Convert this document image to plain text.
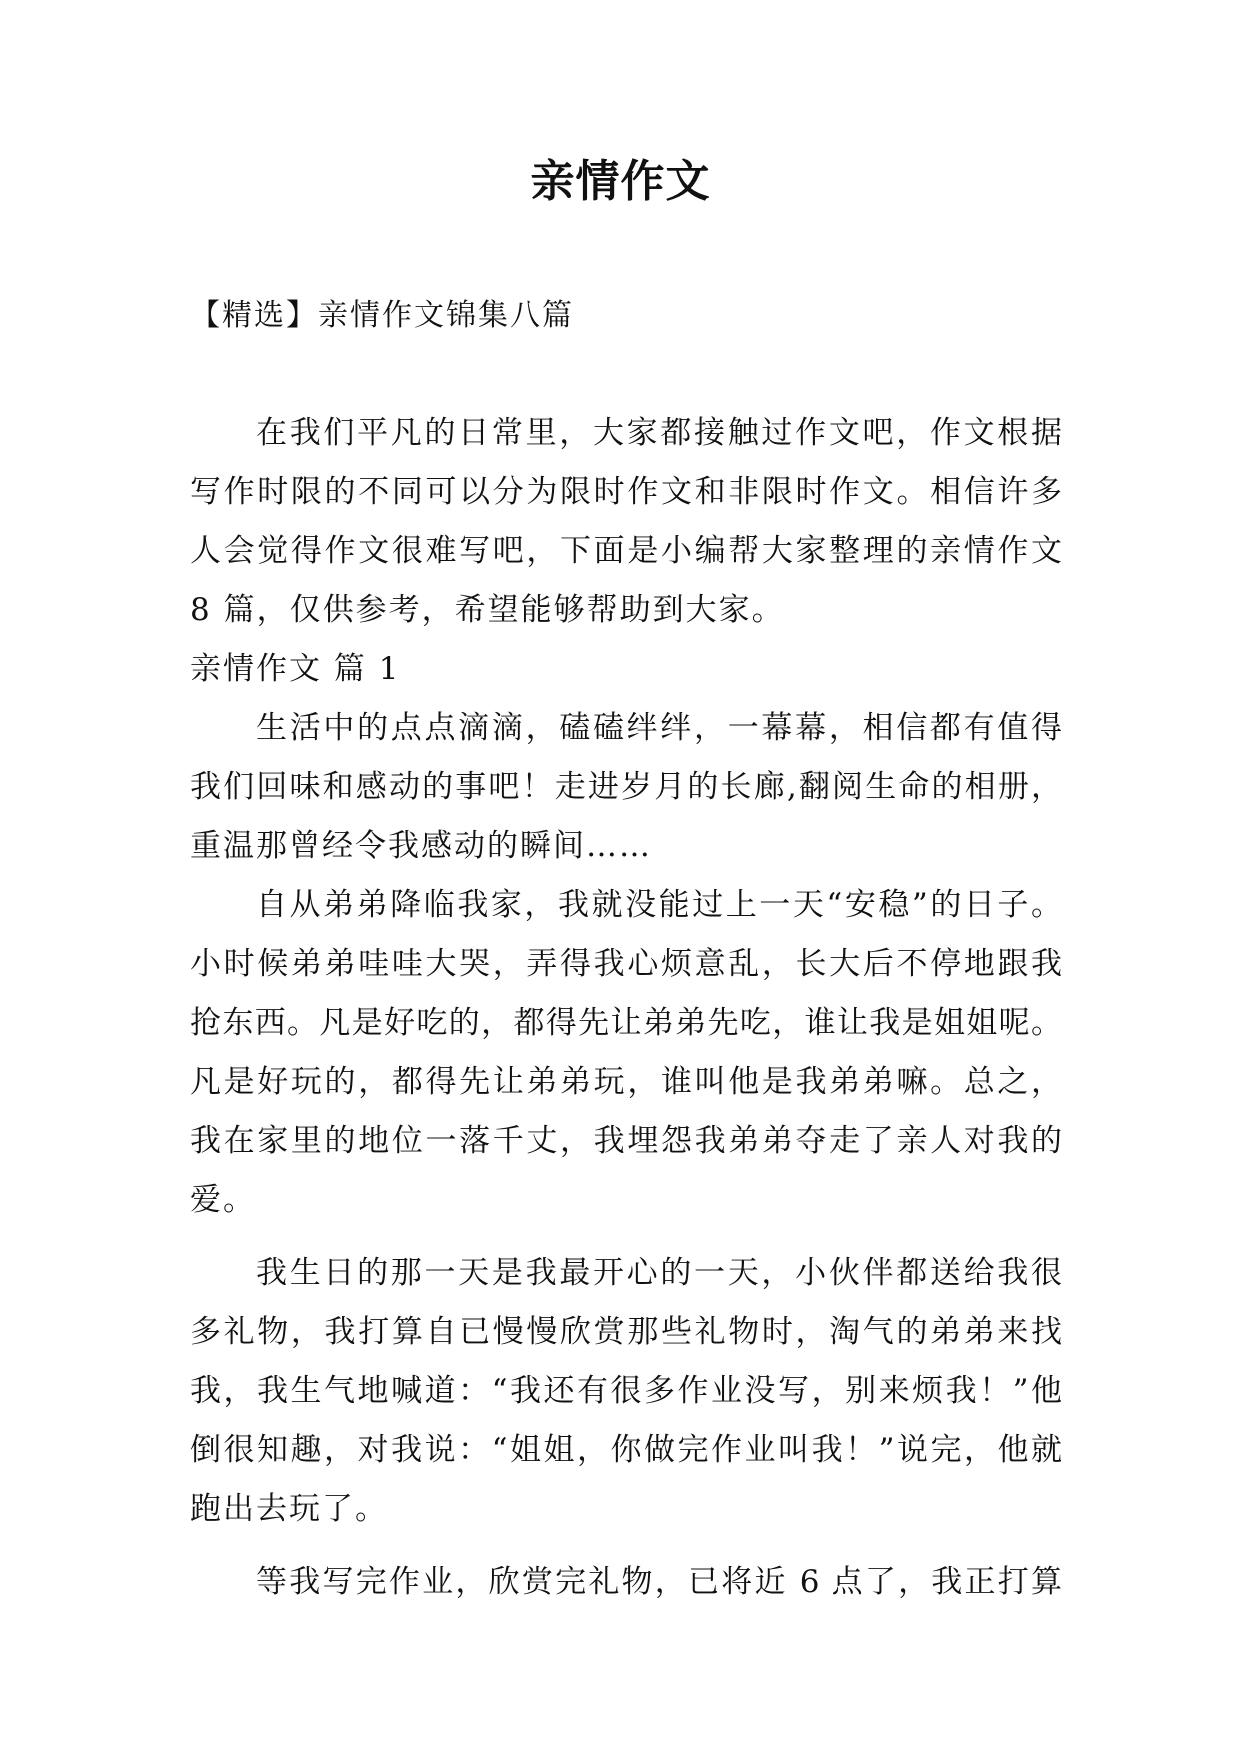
亲情作文
【精选】亲情作文锦集八篇
在我们平凡的日常里，大家都接触过作文吧，作文根据
写作时限的不同可以分为限时作文和非限时作文。相信许多
人会觉得作文很难写吧，下面是小编帮大家整理的亲情作文
8 篇，仅供参考，希望能够帮助到大家。
亲情作文 篇 1
生活中的点点滴滴，磕磕绊绊，一幕幕，相信都有值得
我们回味和感动的事吧！走进岁月的长廊,翻阅生命的相册，
重温那曾经令我感动的瞬间……
自从弟弟降临我家，我就没能过上一天“安稳”的日子。
小时候弟弟哇哇大哭，弄得我心烦意乱，长大后不停地跟我
抢东西。凡是好吃的，都得先让弟弟先吃，谁让我是姐姐呢。
凡是好玩的，都得先让弟弟玩，谁叫他是我弟弟嘛。总之，
我在家里的地位一落千丈，我埋怨我弟弟夺走了亲人对我的
爱。
我生日的那一天是我最开心的一天，小伙伴都送给我很
多礼物，我打算自已慢慢欣赏那些礼物时，淘气的弟弟来找
我，我生气地喊道：“我还有很多作业没写，别来烦我！”他
倒很知趣，对我说：“姐姐，你做完作业叫我！”说完，他就
跑出去玩了。
等我写完作业，欣赏完礼物，已将近 6 点了，我正打算
